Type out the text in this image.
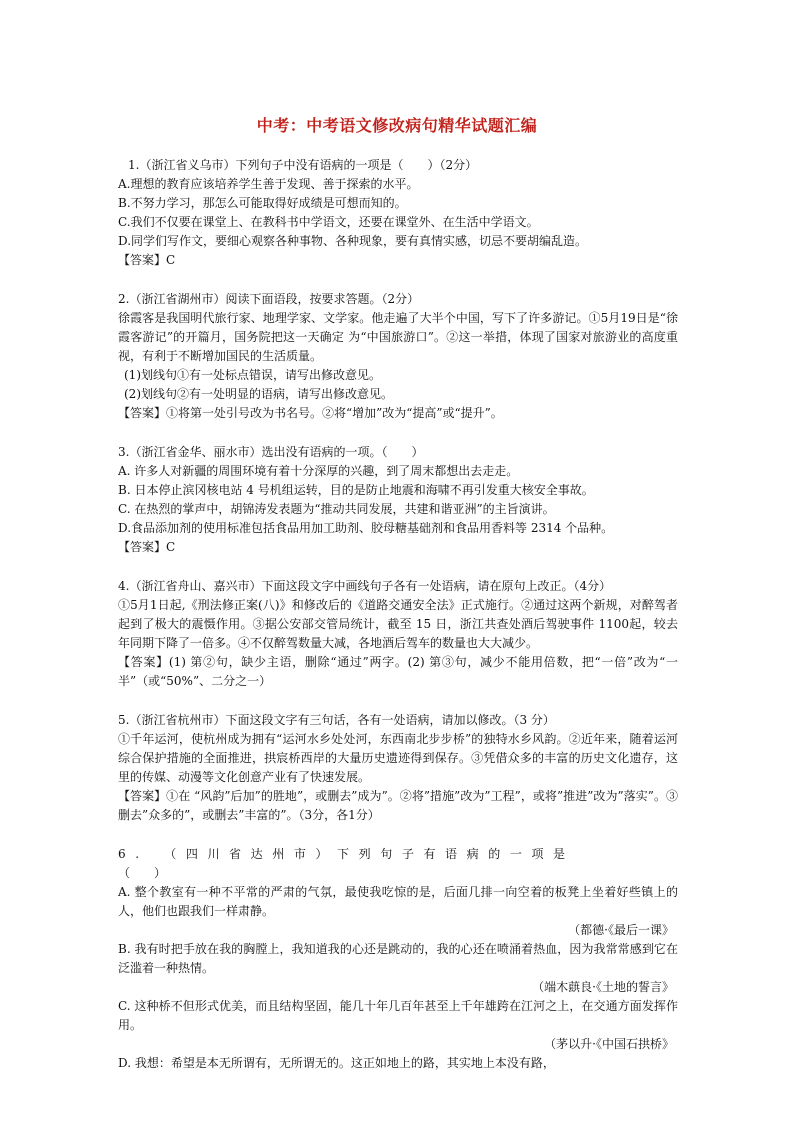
中考：中考语文修改病句精华试题汇编

1.（浙江省义乌市）下列句子中没有语病的一项是（　　）（2分）

A.理想的教育应该培养学生善于发现、善于探索的水平。

B.不努力学习，那怎么可能取得好成绩是可想而知的。

C.我们不仅要在课堂上、在教科书中学语文，还要在课堂外、在生活中学语文。

D.同学们写作文，要细心观察各种事物、各种现象，要有真情实感，切忌不要胡编乱造。

【答案】C

2.（浙江省湖州市）阅读下面语段，按要求答题。（2分）

徐霞客是我国明代旅行家、地理学家、文学家。他走遍了大半个中国，写下了许多游记。①5月19日是“徐霞客游记”的开篇月，国务院把这一天确定 为“中国旅游口”。②这一举措，体现了国家对旅游业的高度重视，有利于不断增加国民的生活质量。

(1)划线句①有一处标点错误，请写出修改意见。

(2)划线句②有一处明显的语病，请写出修改意见。

【答案】①将第一处引号改为书名号。②将“增加”改为“提高”或“提升”。

3.（浙江省金华、丽水市）选出没有语病的一项。（　　）

A. 许多人对新疆的周围环境有着十分深厚的兴趣，到了周末都想出去走走。

B. 日本停止滨冈核电站 4 号机组运转，目的是防止地震和海啸不再引发重大核安全事故。

C. 在热烈的掌声中，胡锦涛发表题为“推动共同发展，共建和谐亚洲”的主旨演讲。

D.食品添加剂的使用标准包括食品用加工助剂、胶母糖基础剂和食品用香料等 2314 个品种。

【答案】C

4.（浙江省舟山、嘉兴市）下面这段文字中画线句子各有一处语病，请在原句上改正。（4分）

①5月1日起,《刑法修正案(八)》和修改后的《道路交通安全法》正式施行。②通过这两个新规，对醉驾者起到了极大的震慑作用。③据公安部交管局统计，截至 15 日，浙江共查处酒后驾驶事件 1100起，较去年同期下降了一倍多。④不仅醉驾数量大减，各地酒后驾车的数量也大大减少。

【答案】(1) 第②句，缺少主语，删除“通过”两字。(2) 第③句，减少不能用倍数，把“一倍”改为“一半”（或“50%”、二分之一）

5.（浙江省杭州市）下面这段文字有三句话，各有一处语病，请加以修改。（3 分）

①千年运河，使杭州成为拥有“运河水乡处处河，东西南北步步桥”的独特水乡风韵。②近年来，随着运河综合保护措施的全面推进，拱宸桥西岸的大量历史遗迹得到保存。③凭借众多的丰富的历史文化遗存，这里的传媒、动漫等文化创意产业有了快速发展。

【答案】①在 “风韵”后加”的胜地”，或删去”成为”。②将”措施”改为”工程”，或将”推进”改为”落实”。③删去”众多的”，或删去”丰富的”。（3分，各1分）

6.　（四川省达州市）下列句子有语病的一项是

（　　）

A. 整个教室有一种不平常的严肃的气氛，最使我吃惊的是，后面几排一向空着的板凳上坐着好些镇上的人，他们也跟我们一样肃静。

（都德·《最后一课》

B. 我有时把手放在我的胸膛上，我知道我的心还是跳动的，我的心还在喷涌着热血，因为我常常感到它在泛滥着一种热情。

（端木蕻良·《土地的誓言》

C. 这种桥不但形式优美，而且结构坚固，能几十年几百年甚至上千年雄跨在江河之上，在交通方面发挥作用。

（茅以升·《中国石拱桥》

D. 我想：希望是本无所谓有，无所谓无的。这正如地上的路，其实地上本没有路，
